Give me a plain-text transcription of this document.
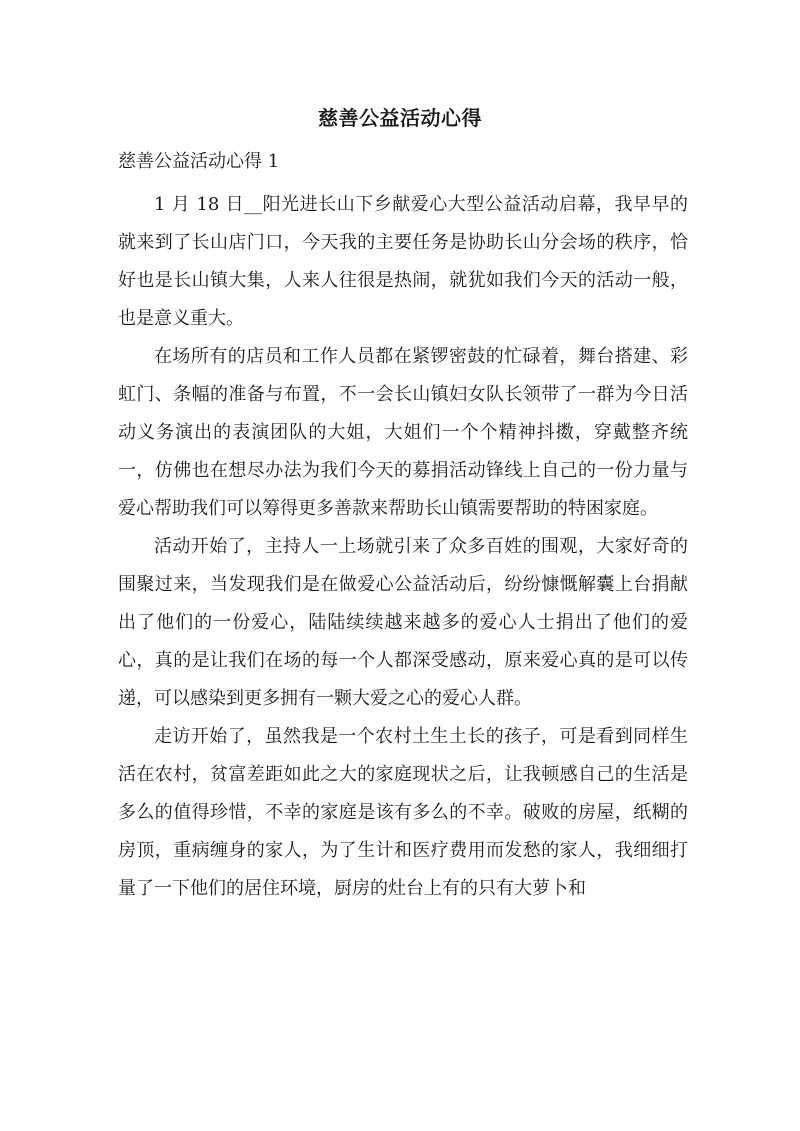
慈善公益活动心得
慈善公益活动心得 1

1 月 18 日__阳光进长山下乡献爱心大型公益活动启幕，我早早的就来到了长山店门口，今天我的主要任务是协助长山分会场的秩序，恰好也是长山镇大集，人来人往很是热闹，就犹如我们今天的活动一般，也是意义重大。

在场所有的店员和工作人员都在紧锣密鼓的忙碌着，舞台搭建、彩虹门、条幅的准备与布置，不一会长山镇妇女队长领带了一群为今日活动义务演出的表演团队的大姐，大姐们一个个精神抖擞，穿戴整齐统一，仿佛也在想尽办法为我们今天的募捐活动锋线上自己的一份力量与爱心帮助我们可以筹得更多善款来帮助长山镇需要帮助的特困家庭。

活动开始了，主持人一上场就引来了众多百姓的围观，大家好奇的围聚过来，当发现我们是在做爱心公益活动后，纷纷慷慨解囊上台捐献出了他们的一份爱心，陆陆续续越来越多的爱心人士捐出了他们的爱心，真的是让我们在场的每一个人都深受感动，原来爱心真的是可以传递，可以感染到更多拥有一颗大爱之心的爱心人群。

走访开始了，虽然我是一个农村土生土长的孩子，可是看到同样生活在农村，贫富差距如此之大的家庭现状之后，让我顿感自己的生活是多么的值得珍惜，不幸的家庭是该有多么的不幸。破败的房屋，纸糊的房顶，重病缠身的家人，为了生计和医疗费用而发愁的家人，我细细打量了一下他们的居住环境，厨房的灶台上有的只有大萝卜和
